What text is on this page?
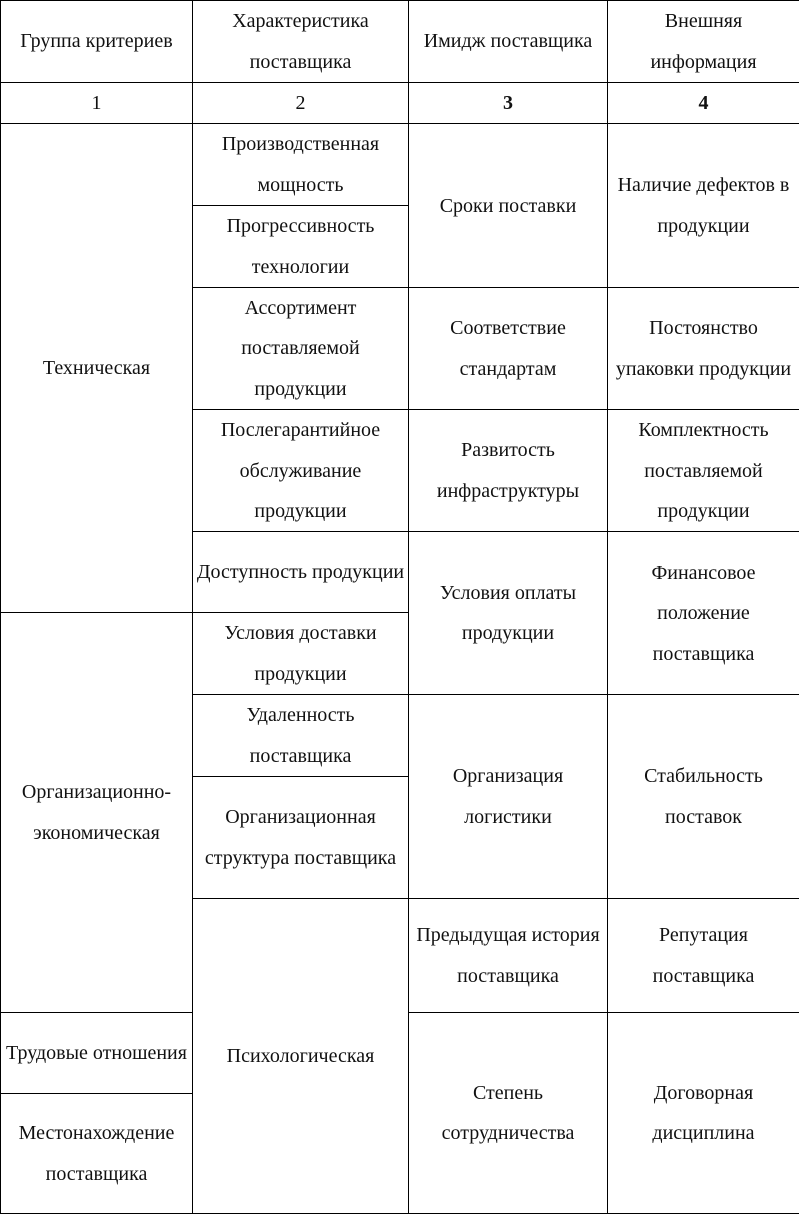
Группа критериев	Характеристика поставщика	Имидж поставщика	Внешняя информация	

1	2	3	4	

Техническая	Производственная мощность	Сроки поставки	Наличие дефектов в продукции	

	Прогрессивность технологии			

	Ассортимент поставляемой продукции	Соответствие стандартам	Постоянство упаковки продукции	

	Послегарантийное обслуживание продукции	Развитость инфраструктуры	Комплектность поставляемой продукции	

	Доступность продукции	Условия оплаты продукции	Финансовое положение поставщика	

Организационно-экономическая	Условия доставки продукции			

	Удаленность поставщика	Организация логистики	Стабильность поставок	

	Организационная структура поставщика			

	Психологическая	Предыдущая история поставщика	Репутация поставщика

Трудовые отношения		Степень сотрудничества	Договорная дисциплина	

Местонахождение поставщика				
